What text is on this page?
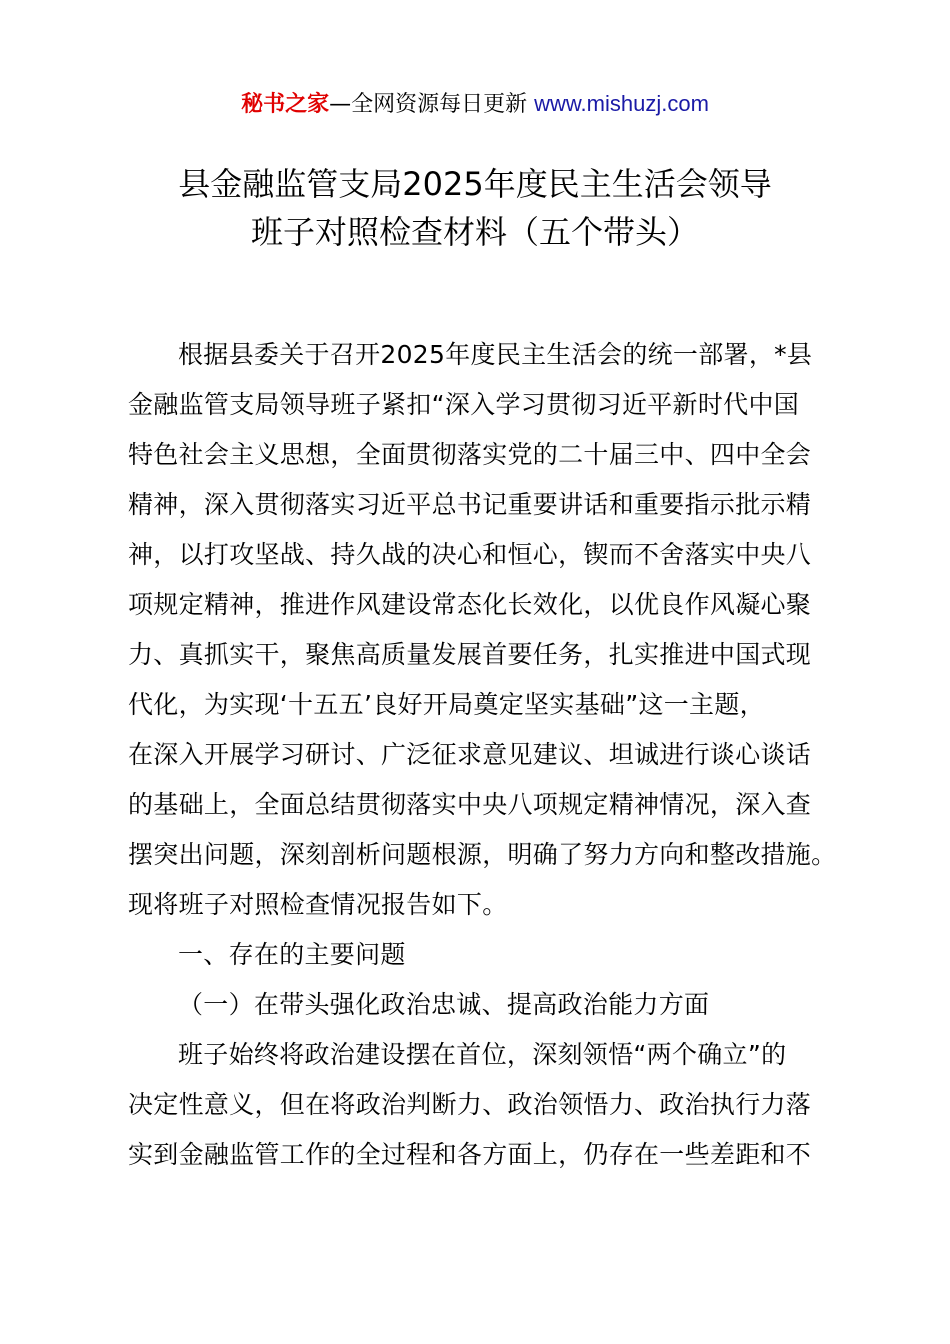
秘书之家—全网资源每日更新 www.mishuzj.com
县金融监管支局2025年度民主生活会领导
班子对照检查材料（五个带头）
根据县委关于召开2025年度民主生活会的统一部署，*县
金融监管支局领导班子紧扣“深入学习贯彻习近平新时代中国
特色社会主义思想，全面贯彻落实党的二十届三中、四中全会
精神，深入贯彻落实习近平总书记重要讲话和重要指示批示精
神，以打攻坚战、持久战的决心和恒心，锲而不舍落实中央八
项规定精神，推进作风建设常态化长效化，以优良作风凝心聚
力、真抓实干，聚焦高质量发展首要任务，扎实推进中国式现
代化，为实现‘十五五’良好开局奠定坚实基础”这一主题，
在深入开展学习研讨、广泛征求意见建议、坦诚进行谈心谈话
的基础上，全面总结贯彻落实中央八项规定精神情况，深入查
摆突出问题，深刻剖析问题根源，明确了努力方向和整改措施。
现将班子对照检查情况报告如下。
一、存在的主要问题
（一）在带头强化政治忠诚、提高政治能力方面
班子始终将政治建设摆在首位，深刻领悟“两个确立”的
决定性意义，但在将政治判断力、政治领悟力、政治执行力落
实到金融监管工作的全过程和各方面上，仍存在一些差距和不
